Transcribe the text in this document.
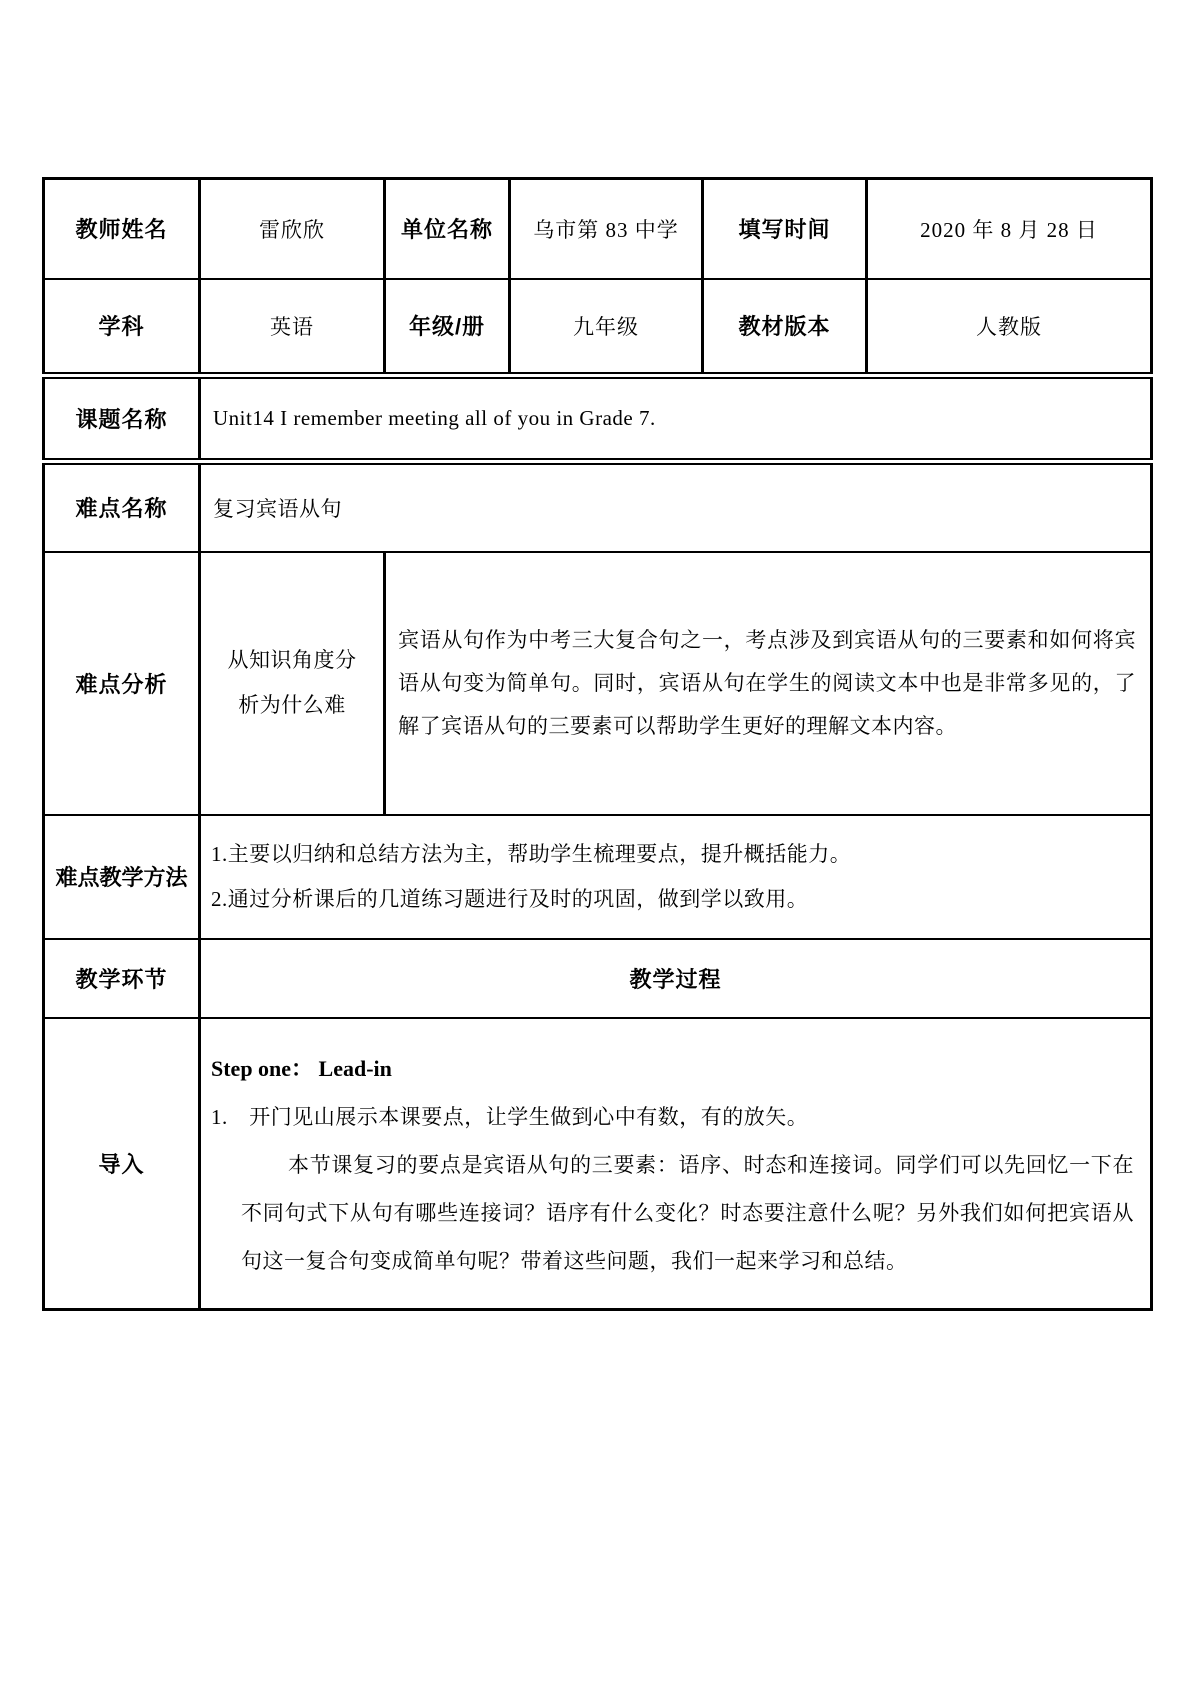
教师姓名	雷欣欣	单位名称	乌市第 83 中学	填写时间	2020 年 8 月 28 日
学科	英语	年级/册	九年级	教材版本	人教版
课题名称	Unit14 I remember meeting all of you in Grade 7.				
难点名称	复习宾语从句				
难点分析	从知识角度分析为什么难	宾语从句作为中考三大复合句之一，考点涉及到宾语从句的三要素和如何将宾语从句变为简单句。同时，宾语从句在学生的阅读文本中也是非常多见的，了解了宾语从句的三要素可以帮助学生更好的理解文本内容。			
难点教学方法	1.主要以归纳和总结方法为主，帮助学生梳理要点，提升概括能力。
2.通过分析课后的几道练习题进行及时的巩固，做到学以致用。				

教学环节	教学过程				
导入	Step one： Lead-in

1.　开门见山展示本课要点，让学生做到心中有数，有的放矢。

本节课复习的要点是宾语从句的三要素：语序、时态和连接词。同学们可以先回忆一下在不同句式下从句有哪些连接词？语序有什么变化？时态要注意什么呢？另外我们如何把宾语从句这一复合句变成简单句呢？带着这些问题，我们一起来学习和总结。				
